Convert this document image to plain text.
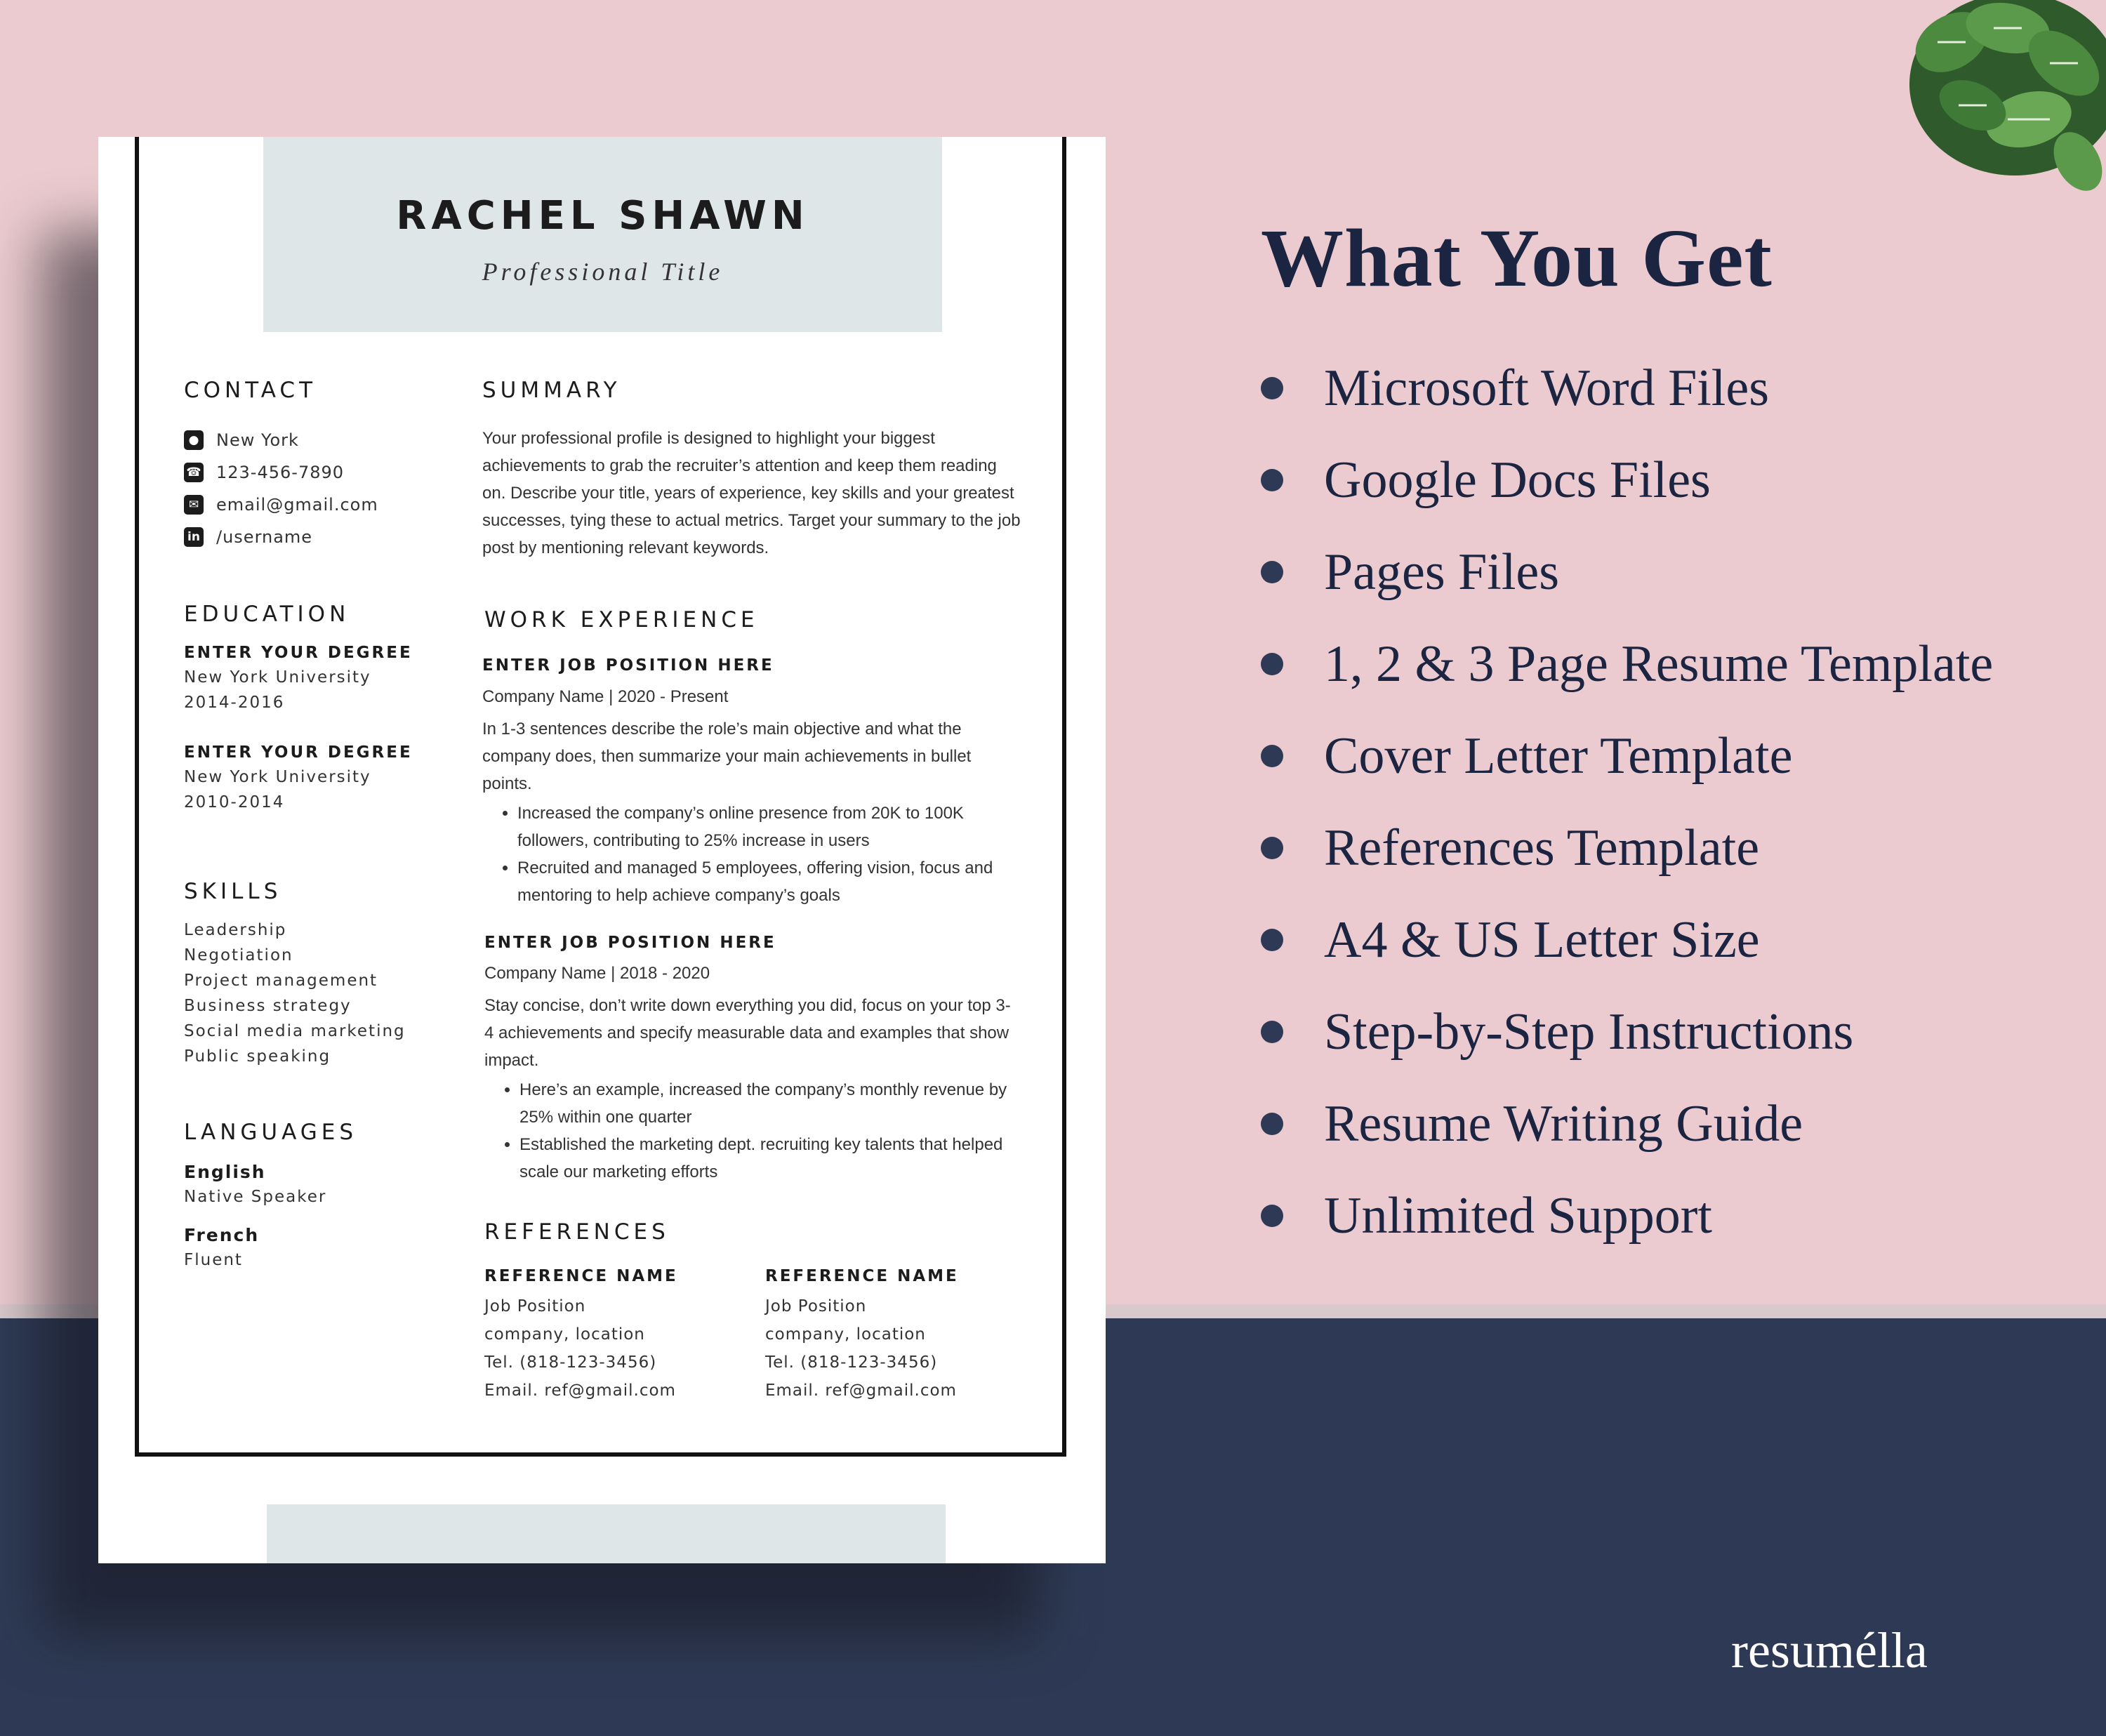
RACHEL SHAWN
Professional Title
CONTACT
● New York
☎ 123-456-7890
✉ email@gmail.com
in /username
EDUCATION
ENTER YOUR DEGREE
New York University
2014-2016
ENTER YOUR DEGREE
New York University
2010-2014
SKILLS
Leadership
Negotiation
Project management
Business strategy
Social media marketing
Public speaking
LANGUAGES
English
Native Speaker
French
Fluent
SUMMARY
Your professional profile is designed to highlight your biggest achievements to grab the recruiter’s attention and keep them reading on. Describe your title, years of experience, key skills and your greatest successes, tying these to actual metrics. Target your summary to the job post by mentioning relevant keywords.
WORK EXPERIENCE
ENTER JOB POSITION HERE
Company Name | 2020 - Present
In 1-3 sentences describe the role’s main objective and what the company does, then summarize your main achievements in bullet points.
• Increased the company’s online presence from 20K to 100K followers, contributing to 25% increase in users
• Recruited and managed 5 employees, offering vision, focus and mentoring to help achieve company’s goals
ENTER JOB POSITION HERE
Company Name | 2018 - 2020
Stay concise, don’t write down everything you did, focus on your top 3-4 achievements and specify measurable data and examples that show impact.
• Here’s an example, increased the company’s monthly revenue by 25% within one quarter
• Established the marketing dept. recruiting key talents that helped scale our marketing efforts
REFERENCES
REFERENCE NAME
Job Position
company, location
Tel. (818-123-3456)
Email. ref@gmail.com
REFERENCE NAME
Job Position
company, location
Tel. (818-123-3456)
Email. ref@gmail.com
What You Get
Microsoft Word Files
Google Docs Files
Pages Files
1, 2 & 3 Page Resume Template
Cover Letter Template
References Template
A4 & US Letter Size
Step-by-Step Instructions
Resume Writing Guide
Unlimited Support
resumélla
